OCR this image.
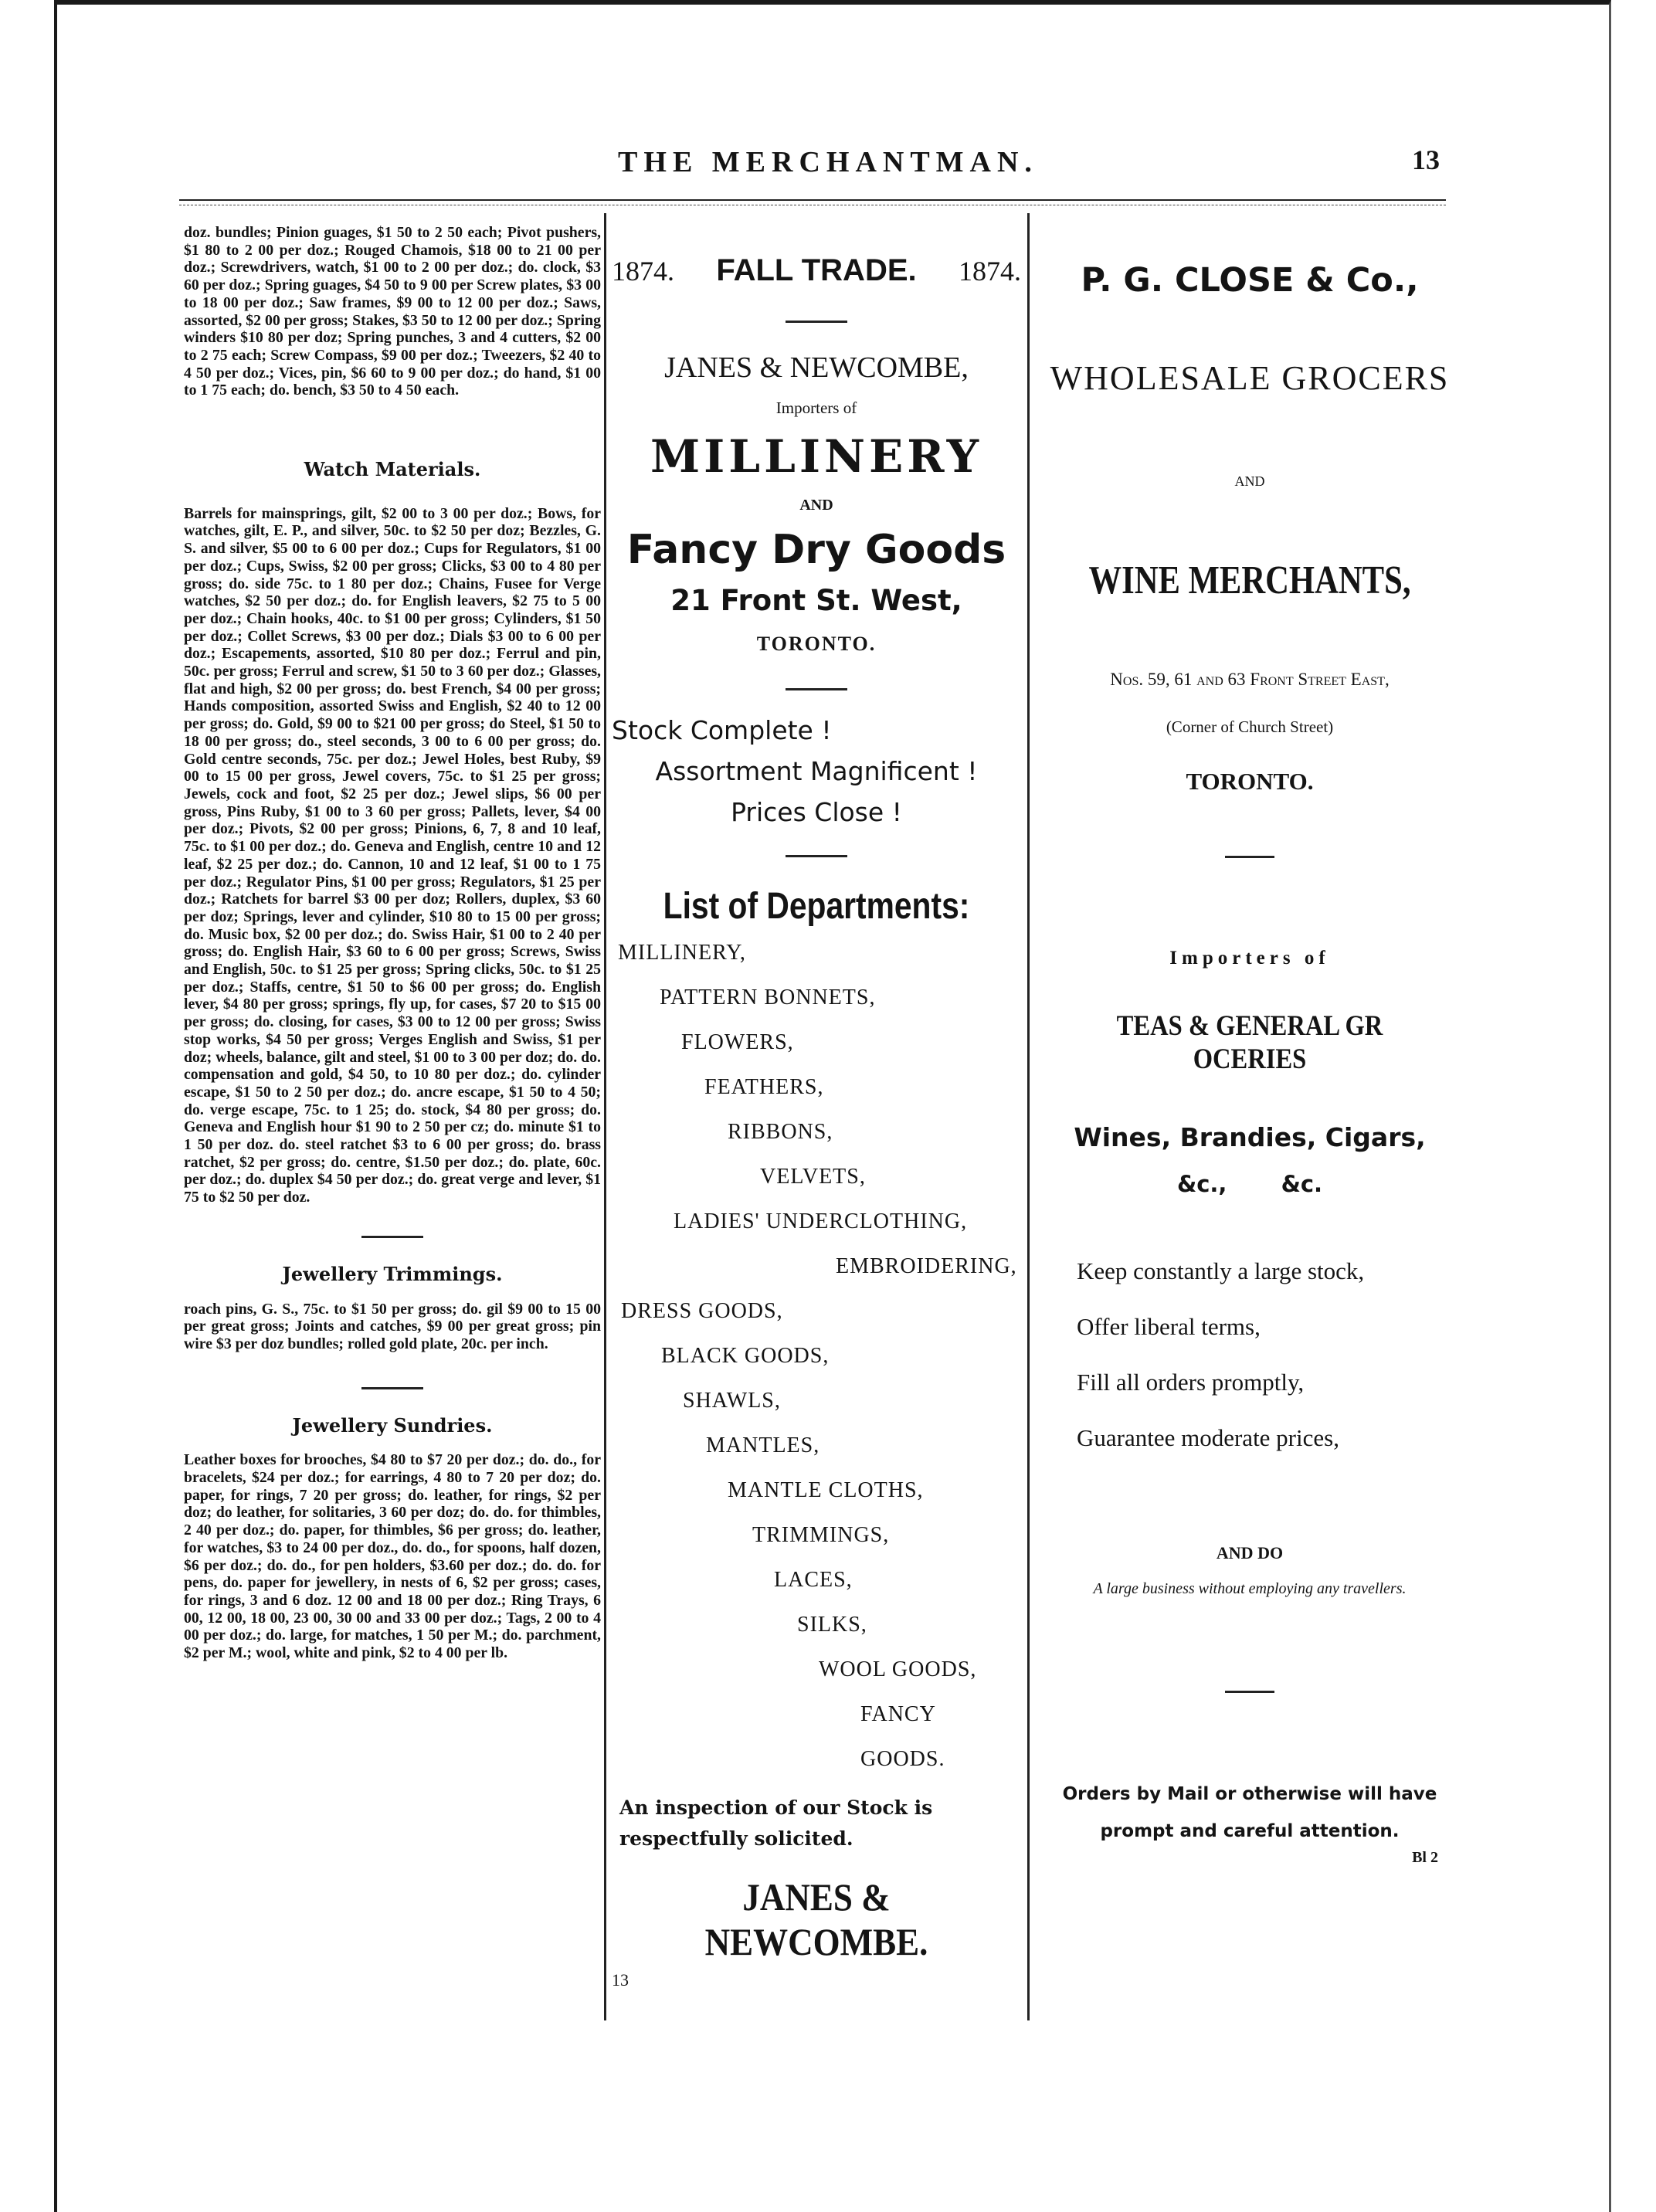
THE MERCHANTMAN.	13

doz. bundles; Pinion guages, $1 50 to 2 50 each; Pivot pushers, $1 80 to 2 00 per doz.; Rouged Chamois, $18 00 to 21 00 per doz.; Screwdrivers, watch, $1 00 to 2 00 per doz.; do. clock, $3 60 per doz.; Spring guages, $4 50 to 9 00 per Screw plates, $3 00 to 18 00 per doz.; Saw frames, $9 00 to 12 00 per doz.; Saws, assorted, $2 00 per gross; Stakes, $3 50 to 12 00 per doz.; Spring winders $10 80 per doz; Spring punches, 3 and 4 cutters, $2 00 to 2 75 each; Screw Compass, $9 00 per doz.; Tweezers, $2 40 to 4 50 per doz.; Vices, pin, $6 60 to 9 00 per doz.; do hand, $1 00 to 1 75 each; do. bench, $3 50 to 4 50 each.

Watch Materials.

Barrels for mainsprings, gilt, $2 00 to 3 00 per doz.; Bows, for watches, gilt, E. P., and silver, 50c. to $2 50 per doz; Bezzles, G. S. and silver, $5 00 to 6 00 per doz.; Cups for Regulators, $1 00 per doz.; Cups, Swiss, $2 00 per gross; Clicks, $3 00 to 4 80 per gross; do. side 75c. to 1 80 per doz.; Chains, Fusee for Verge watches, $2 50 per doz.; do. for English leavers, $2 75 to 5 00 per doz.; Chain hooks, 40c. to $1 00 per gross; Cylinders, $1 50 per doz.; Collet Screws, $3 00 per doz.; Dials $3 00 to 6 00 per doz.; Escapements, assorted, $10 80 per doz.; Ferrul and pin, 50c. per gross; Ferrul and screw, $1 50 to 3 60 per doz.; Glasses, flat and high, $2 00 per gross; do. best French, $4 00 per gross; Hands composition, assorted Swiss and English, $2 40 to 12 00 per gross; do. Gold, $9 00 to $21 00 per gross; do Steel, $1 50 to 18 00 per gross; do., steel seconds, 3 00 to 6 00 per gross; do. Gold centre seconds, 75c. per doz.; Jewel Holes, best Ruby, $9 00 to 15 00 per gross, Jewel covers, 75c. to $1 25 per gross; Jewels, cock and foot, $2 25 per doz.; Jewel slips, $6 00 per gross, Pins Ruby, $1 00 to 3 60 per gross; Pallets, lever, $4 00 per doz.; Pivots, $2 00 per gross; Pinions, 6, 7, 8 and 10 leaf, 75c. to $1 00 per doz.; do. Geneva and English, centre 10 and 12 leaf, $2 25 per doz.; do. Cannon, 10 and 12 leaf, $1 00 to 1 75 per doz.; Regulator Pins, $1 00 per gross; Regulators, $1 25 per doz.; Ratchets for barrel $3 00 per doz; Rollers, duplex, $3 60 per doz; Springs, lever and cylinder, $10 80 to 15 00 per gross; do. Music box, $2 00 per doz.; do. Swiss Hair, $1 00 to 2 40 per gross; do. English Hair, $3 60 to 6 00 per gross; Screws, Swiss and English, 50c. to $1 25 per gross; Spring clicks, 50c. to $1 25 per doz.; Staffs, centre, $1 50 to $6 00 per gross; do. English lever, $4 80 per gross; springs, fly up, for cases, $7 20 to $15 00 per gross; do. closing, for cases, $3 00 to 12 00 per gross; Swiss stop works, $4 50 per gross; Verges English and Swiss, $1 per doz; wheels, balance, gilt and steel, $1 00 to 3 00 per doz; do. do. compensation and gold, $4 50, to 10 80 per doz.; do. cylinder escape, $1 50 to 2 50 per doz.; do. ancre escape, $1 50 to 4 50; do. verge escape, 75c. to 1 25; do. stock, $4 80 per gross; do. Geneva and English hour $1 90 to 2 50 per cz; do. minute $1 to 1 50 per doz. do. steel ratchet $3 to 6 00 per gross; do. brass ratchet, $2 per gross; do. centre, $1.50 per doz.; do. plate, 60c. per doz.; do. duplex $4 50 per doz.; do. great verge and lever, $1 75 to $2 50 per doz.

Jewellery Trimmings.

roach pins, G. S., 75c. to $1 50 per gross; do. gil $9 00 to 15 00 per great gross; Joints and catches, $9 00 per great gross; pin wire $3 per doz bundles; rolled gold plate, 20c. per inch.

Jewellery Sundries.

Leather boxes for brooches, $4 80 to $7 20 per doz.; do. do., for bracelets, $24 per doz.; for earrings, 4 80 to 7 20 per doz; do. paper, for rings, 7 20 per gross; do. leather, for rings, $2 per doz; do leather, for solitaries, 3 60 per doz; do. do. for thimbles, 2 40 per doz.; do. paper, for thimbles, $6 per gross; do. leather, for watches, $3 to 24 00 per doz., do. do., for spoons, half dozen, $6 per doz.; do. do., for pen holders, $3.60 per doz.; do. do. for pens, do. paper for jewellery, in nests of 6, $2 per gross; cases, for rings, 3 and 6 doz. 12 00 and 18 00 per doz.; Ring Trays, 6 00, 12 00, 18 00, 23 00, 30 00 and 33 00 per doz.; Tags, 2 00 to 4 00 per doz.; do. large, for matches, 1 50 per M.; do. parchment, $2 per M.; wool, white and pink, $2 to 4 00 per lb.

1874. FALL TRADE. 1874.
JANES & NEWCOMBE,
Importers of
MILLINERY
AND
Fancy Dry Goods
21 Front St. West,
TORONTO.
Stock Complete !
Assortment Magnificent !
Prices Close !
List of Departments:
MILLINERY,
PATTERN BONNETS,
FLOWERS,
FEATHERS,
RIBBONS,
VELVETS,
LADIES' UNDERCLOTHING,
EMBROIDERING,
DRESS GOODS,
BLACK GOODS,
SHAWLS,
MANTLES,
MANTLE CLOTHS,
TRIMMINGS,
LACES,
SILKS,
WOOL GOODS,
FANCY GOODS.
An inspection of our Stock is respectfully solicited.
JANES & NEWCOMBE.
13
P. G. CLOSE & Co.,
WHOLESALE GROCERS
AND
WINE MERCHANTS,
Nos. 59, 61 and 63 Front Street East,
(Corner of Church Street)
TORONTO.
Importers of
TEAS & GENERAL GR OCERIES
Wines, Brandies, Cigars,
&c., &c.
Keep constantly a large stock,
Offer liberal terms,
Fill all orders promptly,
Guarantee moderate prices,
AND DO
A large business without employing any travellers.
Orders by Mail or otherwise will have
prompt and careful attention.
Bl 2
